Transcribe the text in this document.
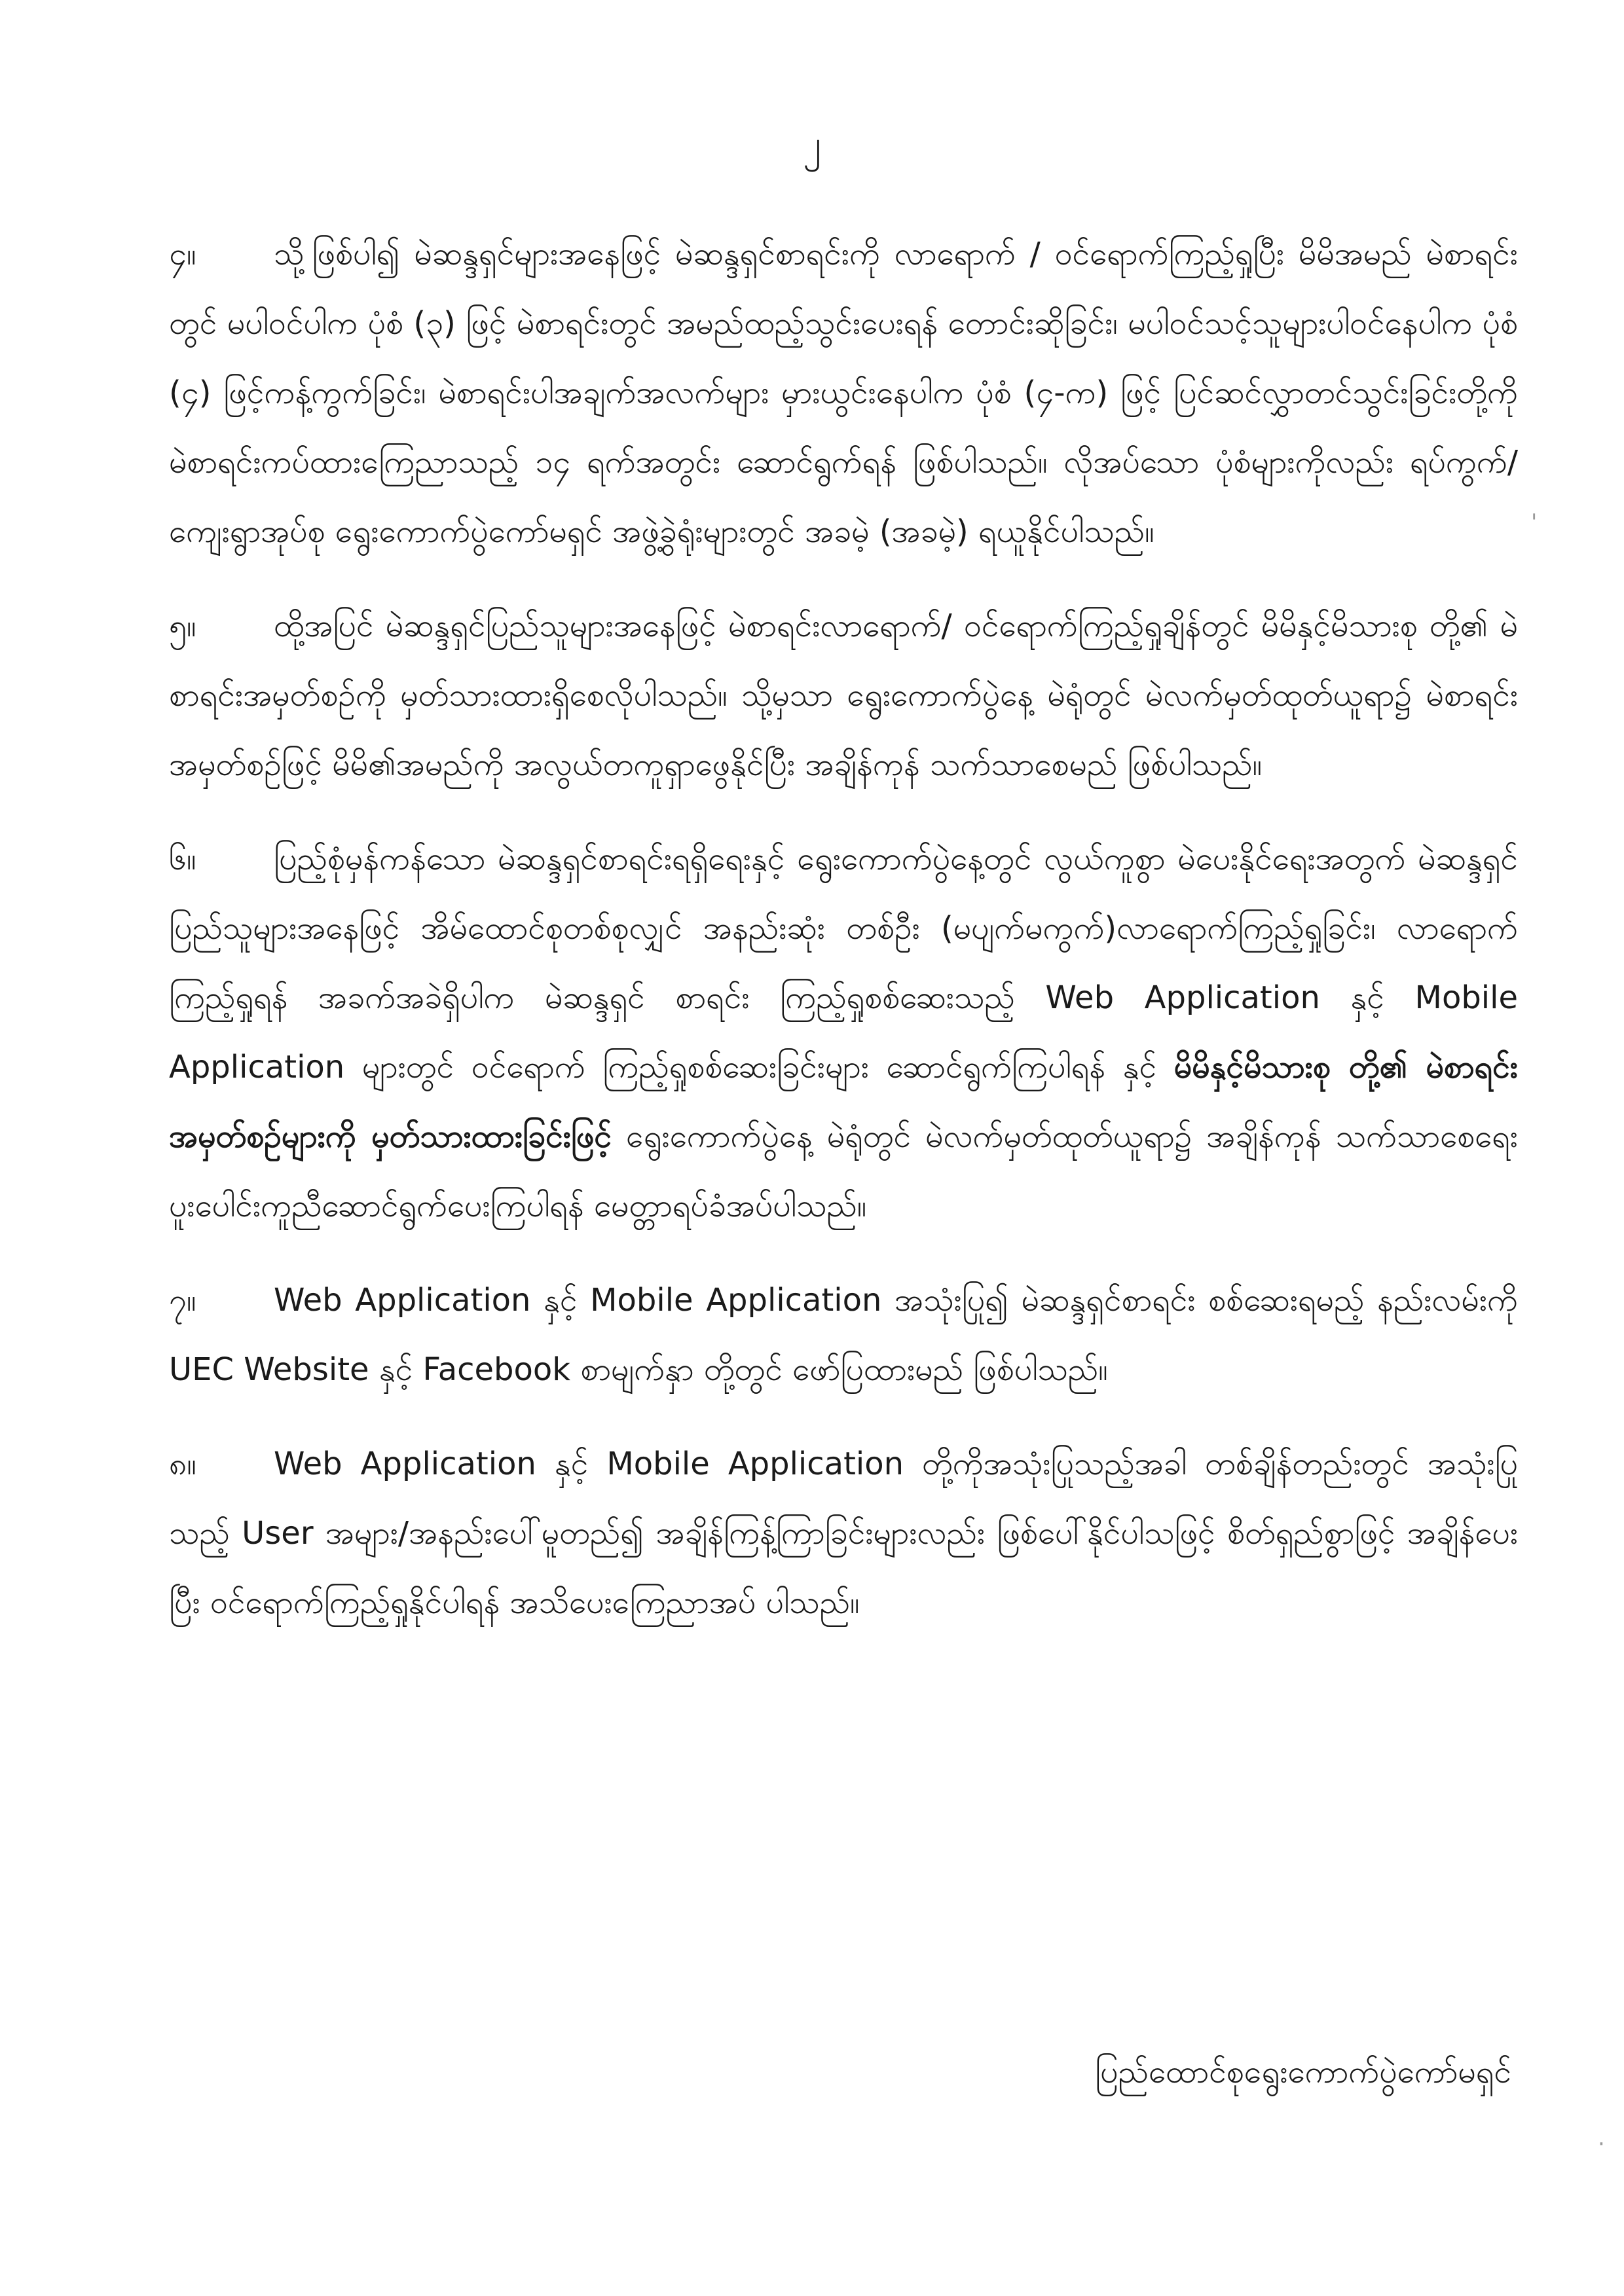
၂

၄။ သို့ဖြစ်ပါ၍ မဲဆန္ဒရှင်များအနေဖြင့် မဲဆန္ဒရှင်စာရင်းကို လာရောက် / ဝင်ရောက်ကြည့်ရှုပြီး မိမိအမည် မဲစာရင်းတွင် မပါဝင်ပါက ပုံစံ (၃) ဖြင့် မဲစာရင်းတွင် အမည်ထည့်သွင်းပေးရန် တောင်းဆိုခြင်း၊ မပါဝင်သင့်သူများပါဝင်နေပါက ပုံစံ (၄) ဖြင့်ကန့်ကွက်ခြင်း၊ မဲစာရင်းပါအချက်အလက်များ မှားယွင်းနေပါက ပုံစံ (၄-က) ဖြင့် ပြင်ဆင်လွှာတင်သွင်းခြင်းတို့ကို မဲစာရင်းကပ်ထားကြေညာသည့် ၁၄ ရက်အတွင်း ဆောင်ရွက်ရန် ဖြစ်ပါသည်။ လိုအပ်သော ပုံစံများကိုလည်း ရပ်ကွက်/ကျေးရွာအုပ်စု ရွေးကောက်ပွဲကော်မရှင် အဖွဲ့ခွဲရုံးများတွင် အခမဲ့ (အခမဲ့) ရယူနိုင်ပါသည်။

၅။ ထို့အပြင် မဲဆန္ဒရှင်ပြည်သူများအနေဖြင့် မဲစာရင်းလာရောက်/ ဝင်ရောက်ကြည့်ရှုချိန်တွင် မိမိနှင့်မိသားစု တို့၏ မဲစာရင်းအမှတ်စဉ်ကို မှတ်သားထားရှိစေလိုပါသည်။ သို့မှသာ ရွေးကောက်ပွဲနေ့ မဲရုံတွင် မဲလက်မှတ်ထုတ်ယူရာ၌ မဲစာရင်းအမှတ်စဉ်ဖြင့် မိမိ၏အမည်ကို အလွယ်တကူရှာဖွေနိုင်ပြီး အချိန်ကုန် သက်သာစေမည် ဖြစ်ပါသည်။

၆။ ပြည့်စုံမှန်ကန်သော မဲဆန္ဒရှင်စာရင်းရရှိရေးနှင့် ရွေးကောက်ပွဲနေ့တွင် လွယ်ကူစွာ မဲပေးနိုင်ရေးအတွက် မဲဆန္ဒရှင်ပြည်သူများအနေဖြင့် အိမ်ထောင်စုတစ်စုလျှင် အနည်းဆုံး တစ်ဦး (မပျက်မကွက်)လာရောက်ကြည့်ရှုခြင်း၊ လာရောက်ကြည့်ရှုရန် အခက်အခဲရှိပါက မဲဆန္ဒရှင် စာရင်း ကြည့်ရှုစစ်ဆေးသည့် Web Application နှင့် Mobile Application များတွင် ဝင်ရောက် ကြည့်ရှုစစ်ဆေးခြင်းများ ဆောင်ရွက်ကြပါရန် နှင့် မိမိနှင့်မိသားစု တို့၏ မဲစာရင်း အမှတ်စဉ်များကို မှတ်သားထားခြင်းဖြင့် ရွေးကောက်ပွဲနေ့ မဲရုံတွင် မဲလက်မှတ်ထုတ်ယူရာ၌ အချိန်ကုန် သက်သာစေရေး ပူးပေါင်းကူညီဆောင်ရွက်ပေးကြပါရန် မေတ္တာရပ်ခံအပ်ပါသည်။

၇။ Web Application နှင့် Mobile Application အသုံးပြု၍ မဲဆန္ဒရှင်စာရင်း စစ်ဆေးရမည့် နည်းလမ်းကို UEC Website နှင့် Facebook စာမျက်နှာ တို့တွင် ဖော်ပြထားမည် ဖြစ်ပါသည်။

၈။ Web Application နှင့် Mobile Application တို့ကိုအသုံးပြုသည့်အခါ တစ်ချိန်တည်းတွင် အသုံးပြုသည့် User အများ/အနည်းပေါ်မူတည်၍ အချိန်ကြန့်ကြာခြင်းများလည်း ဖြစ်ပေါ်နိုင်ပါသဖြင့် စိတ်ရှည်စွာဖြင့် အချိန်ပေးပြီး ဝင်ရောက်ကြည့်ရှုနိုင်ပါရန် အသိပေးကြေညာအပ် ပါသည်။

ပြည်ထောင်စုရွေးကောက်ပွဲကော်မရှင်
'
·
